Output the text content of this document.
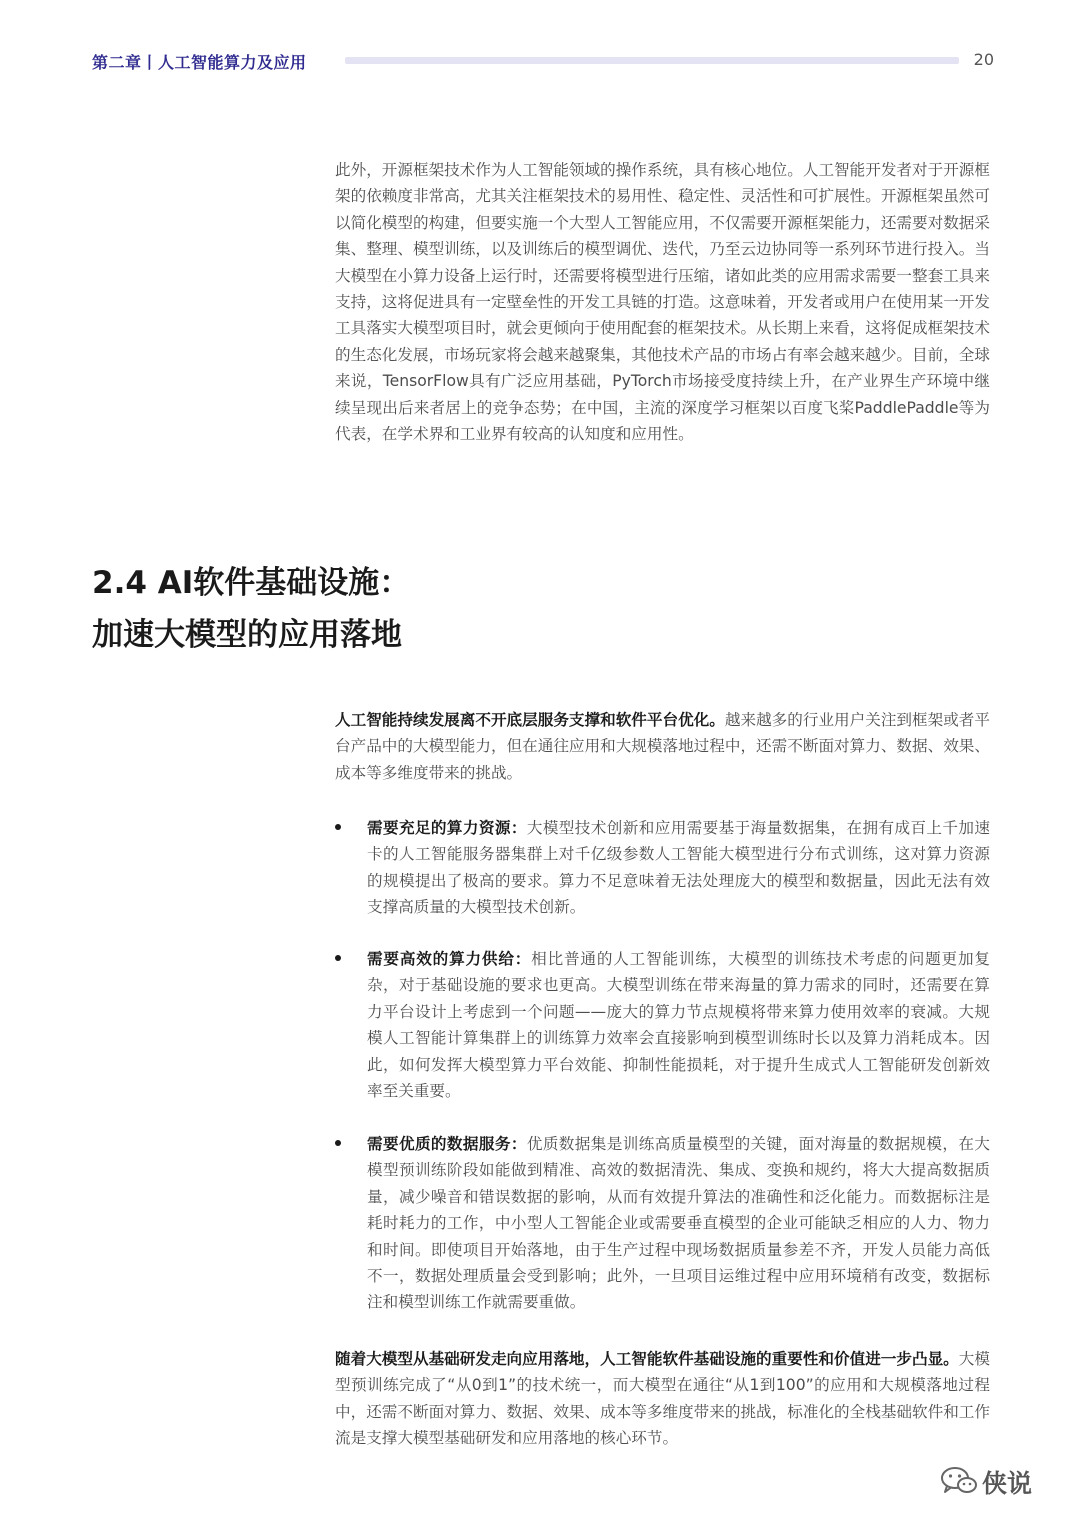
第二章丨人工智能算力及应用	20

此外，开源框架技术作为人工智能领域的操作系统，具有核心地位。人工智能开发者对于开源框架的依赖度非常高，尤其关注框架技术的易用性、稳定性、灵活性和可扩展性。开源框架虽然可以简化模型的构建，但要实施一个大型人工智能应用，不仅需要开源框架能力，还需要对数据采集、整理、模型训练，以及训练后的模型调优、迭代，乃至云边协同等一系列环节进行投入。当大模型在小算力设备上运行时，还需要将模型进行压缩，诸如此类的应用需求需要一整套工具来支持，这将促进具有一定壁垒性的开发工具链的打造。这意味着，开发者或用户在使用某一开发工具落实大模型项目时，就会更倾向于使用配套的框架技术。从长期上来看，这将促成框架技术的生态化发展，市场玩家将会越来越聚集，其他技术产品的市场占有率会越来越少。目前，全球来说，TensorFlow具有广泛应用基础，PyTorch市场接受度持续上升，在产业界生产环境中继续呈现出后来者居上的竞争态势；在中国，主流的深度学习框架以百度飞桨PaddlePaddle等为代表，在学术界和工业界有较高的认知度和应用性。

2.4 AI软件基础设施：
加速大模型的应用落地

人工智能持续发展离不开底层服务支撑和软件平台优化。越来越多的行业用户关注到框架或者平台产品中的大模型能力，但在通往应用和大规模落地过程中，还需不断面对算力、数据、效果、成本等多维度带来的挑战。

需要充足的算力资源：大模型技术创新和应用需要基于海量数据集，在拥有成百上千加速卡的人工智能服务器集群上对千亿级参数人工智能大模型进行分布式训练，这对算力资源的规模提出了极高的要求。算力不足意味着无法处理庞大的模型和数据量，因此无法有效支撑高质量的大模型技术创新。

需要高效的算力供给：相比普通的人工智能训练，大模型的训练技术考虑的问题更加复杂，对于基础设施的要求也更高。大模型训练在带来海量的算力需求的同时，还需要在算力平台设计上考虑到一个问题——庞大的算力节点规模将带来算力使用效率的衰减。大规模人工智能计算集群上的训练算力效率会直接影响到模型训练时长以及算力消耗成本。因此，如何发挥大模型算力平台效能、抑制性能损耗，对于提升生成式人工智能研发创新效率至关重要。

需要优质的数据服务：优质数据集是训练高质量模型的关键，面对海量的数据规模，在大模型预训练阶段如能做到精准、高效的数据清洗、集成、变换和规约，将大大提高数据质量，减少噪音和错误数据的影响，从而有效提升算法的准确性和泛化能力。而数据标注是耗时耗力的工作，中小型人工智能企业或需要垂直模型的企业可能缺乏相应的人力、物力和时间。即使项目开始落地，由于生产过程中现场数据质量参差不齐，开发人员能力高低不一，数据处理质量会受到影响；此外，一旦项目运维过程中应用环境稍有改变，数据标注和模型训练工作就需要重做。

随着大模型从基础研发走向应用落地，人工智能软件基础设施的重要性和价值进一步凸显。大模型预训练完成了“从0到1”的技术统一，而大模型在通往“从1到100”的应用和大规模落地过程中，还需不断面对算力、数据、效果、成本等多维度带来的挑战，标准化的全栈基础软件和工作流是支撑大模型基础研发和应用落地的核心环节。

侠说
